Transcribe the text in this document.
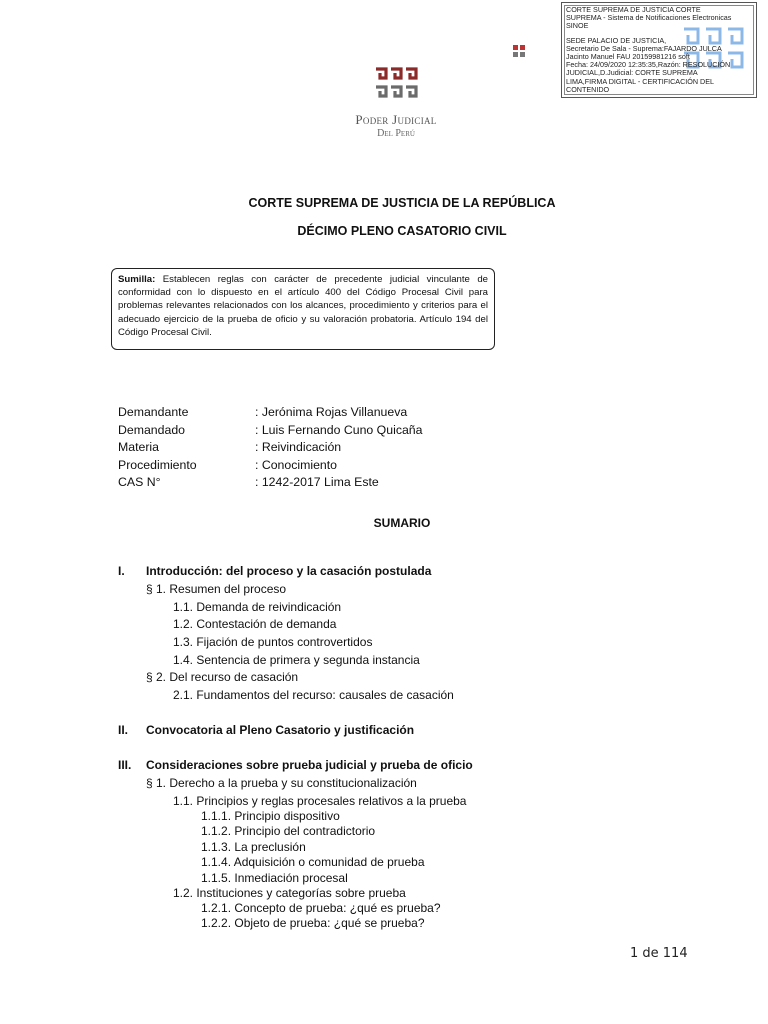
CORTE SUPREMA DE JUSTICIA CORTE
SUPREMA - Sistema de Notificaciones Electronicas
SINOE
SEDE PALACIO DE JUSTICIA,
Secretario De Sala - Suprema:FAJARDO JULCA
Jacinto Manuel FAU 20159981216 soft
Fecha: 24/09/2020 12:35:35,Razón: RESOLUCIÓN
JUDICIAL,D.Judicial: CORTE SUPREMA
LIMA,FIRMA DIGITAL - CERTIFICACIÓN DEL
CONTENIDO
Poder Judicial
Del Perú
CORTE SUPREMA DE JUSTICIA DE LA REPÚBLICA
DÉCIMO PLENO CASATORIO CIVIL
Sumilla: Establecen reglas con carácter de precedente judicial vinculante de conformidad con lo dispuesto en el artículo 400 del Código Procesal Civil para problemas relevantes relacionados con los alcances, procedimiento y criterios para el adecuado ejercicio de la prueba de oficio y su valoración probatoria. Artículo 194 del Código Procesal Civil.
Demandante	: Jerónima Rojas Villanueva
Demandado	: Luis Fernando Cuno Quicaña
Materia	: Reivindicación
Procedimiento	: Conocimiento
CAS N°	: 1242-2017 Lima Este
SUMARIO
I. Introducción: del proceso y la casación postulada
§ 1. Resumen del proceso
1.1. Demanda de reivindicación
1.2. Contestación de demanda
1.3. Fijación de puntos controvertidos
1.4. Sentencia de primera y segunda instancia
§ 2. Del recurso de casación
2.1. Fundamentos del recurso: causales de casación
II. Convocatoria al Pleno Casatorio y justificación
III. Consideraciones sobre prueba judicial y prueba de oficio
§ 1. Derecho a la prueba y su constitucionalización
1.1. Principios y reglas procesales relativos a la prueba
1.1.1. Principio dispositivo
1.1.2. Principio del contradictorio
1.1.3. La preclusión
1.1.4. Adquisición o comunidad de prueba
1.1.5. Inmediación procesal
1.2. Instituciones y categorías sobre prueba
1.2.1. Concepto de prueba: ¿qué es prueba?
1.2.2. Objeto de prueba: ¿qué se prueba?
1 de 114
